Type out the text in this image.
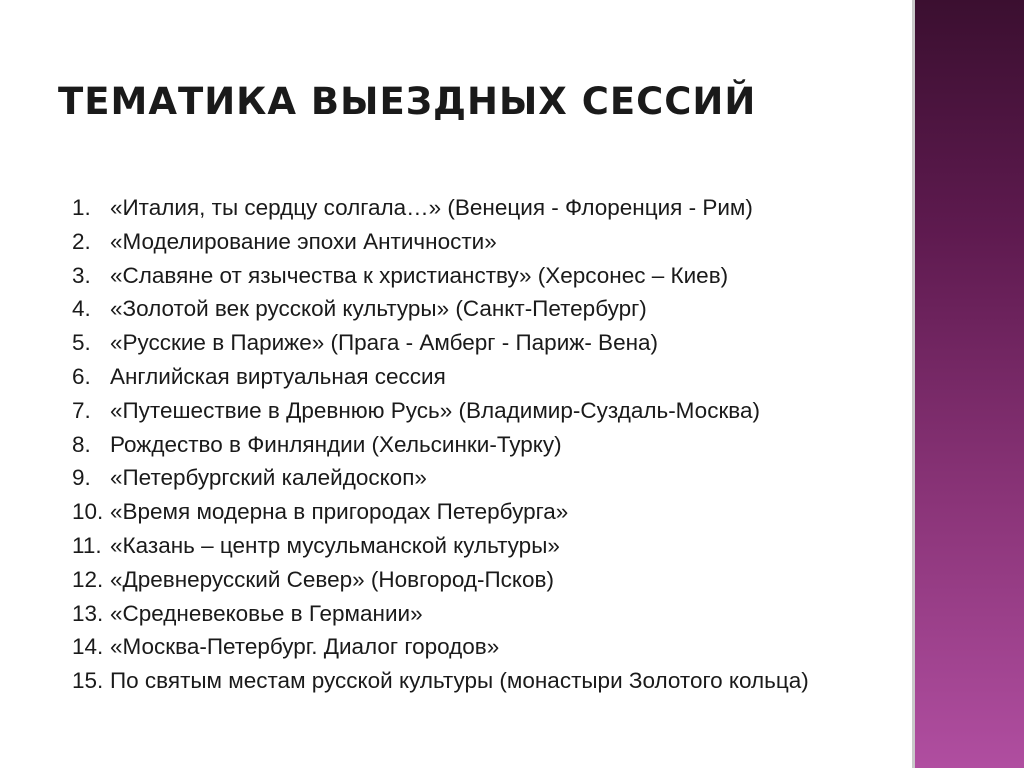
ТЕМАТИКА ВЫЕЗДНЫХ СЕССИЙ
1. «Италия, ты сердцу солгала…» (Венеция - Флоренция - Рим)
2. «Моделирование эпохи Античности»
3. «Славяне от язычества к христианству» (Херсонес – Киев)
4. «Золотой век русской культуры» (Санкт-Петербург)
5. «Русские в Париже» (Прага - Амберг - Париж- Вена)
6. Английская виртуальная сессия
7. «Путешествие в Древнюю Русь» (Владимир-Суздаль-Москва)
8. Рождество в Финляндии (Хельсинки-Турку)
9. «Петербургский калейдоскоп»
10. «Время модерна в пригородах Петербурга»
11. «Казань – центр мусульманской культуры»
12. «Древнерусский Север» (Новгород-Псков)
13. «Средневековье в Германии»
14. «Москва-Петербург. Диалог городов»
15. По святым местам русской культуры (монастыри Золотого кольца)
